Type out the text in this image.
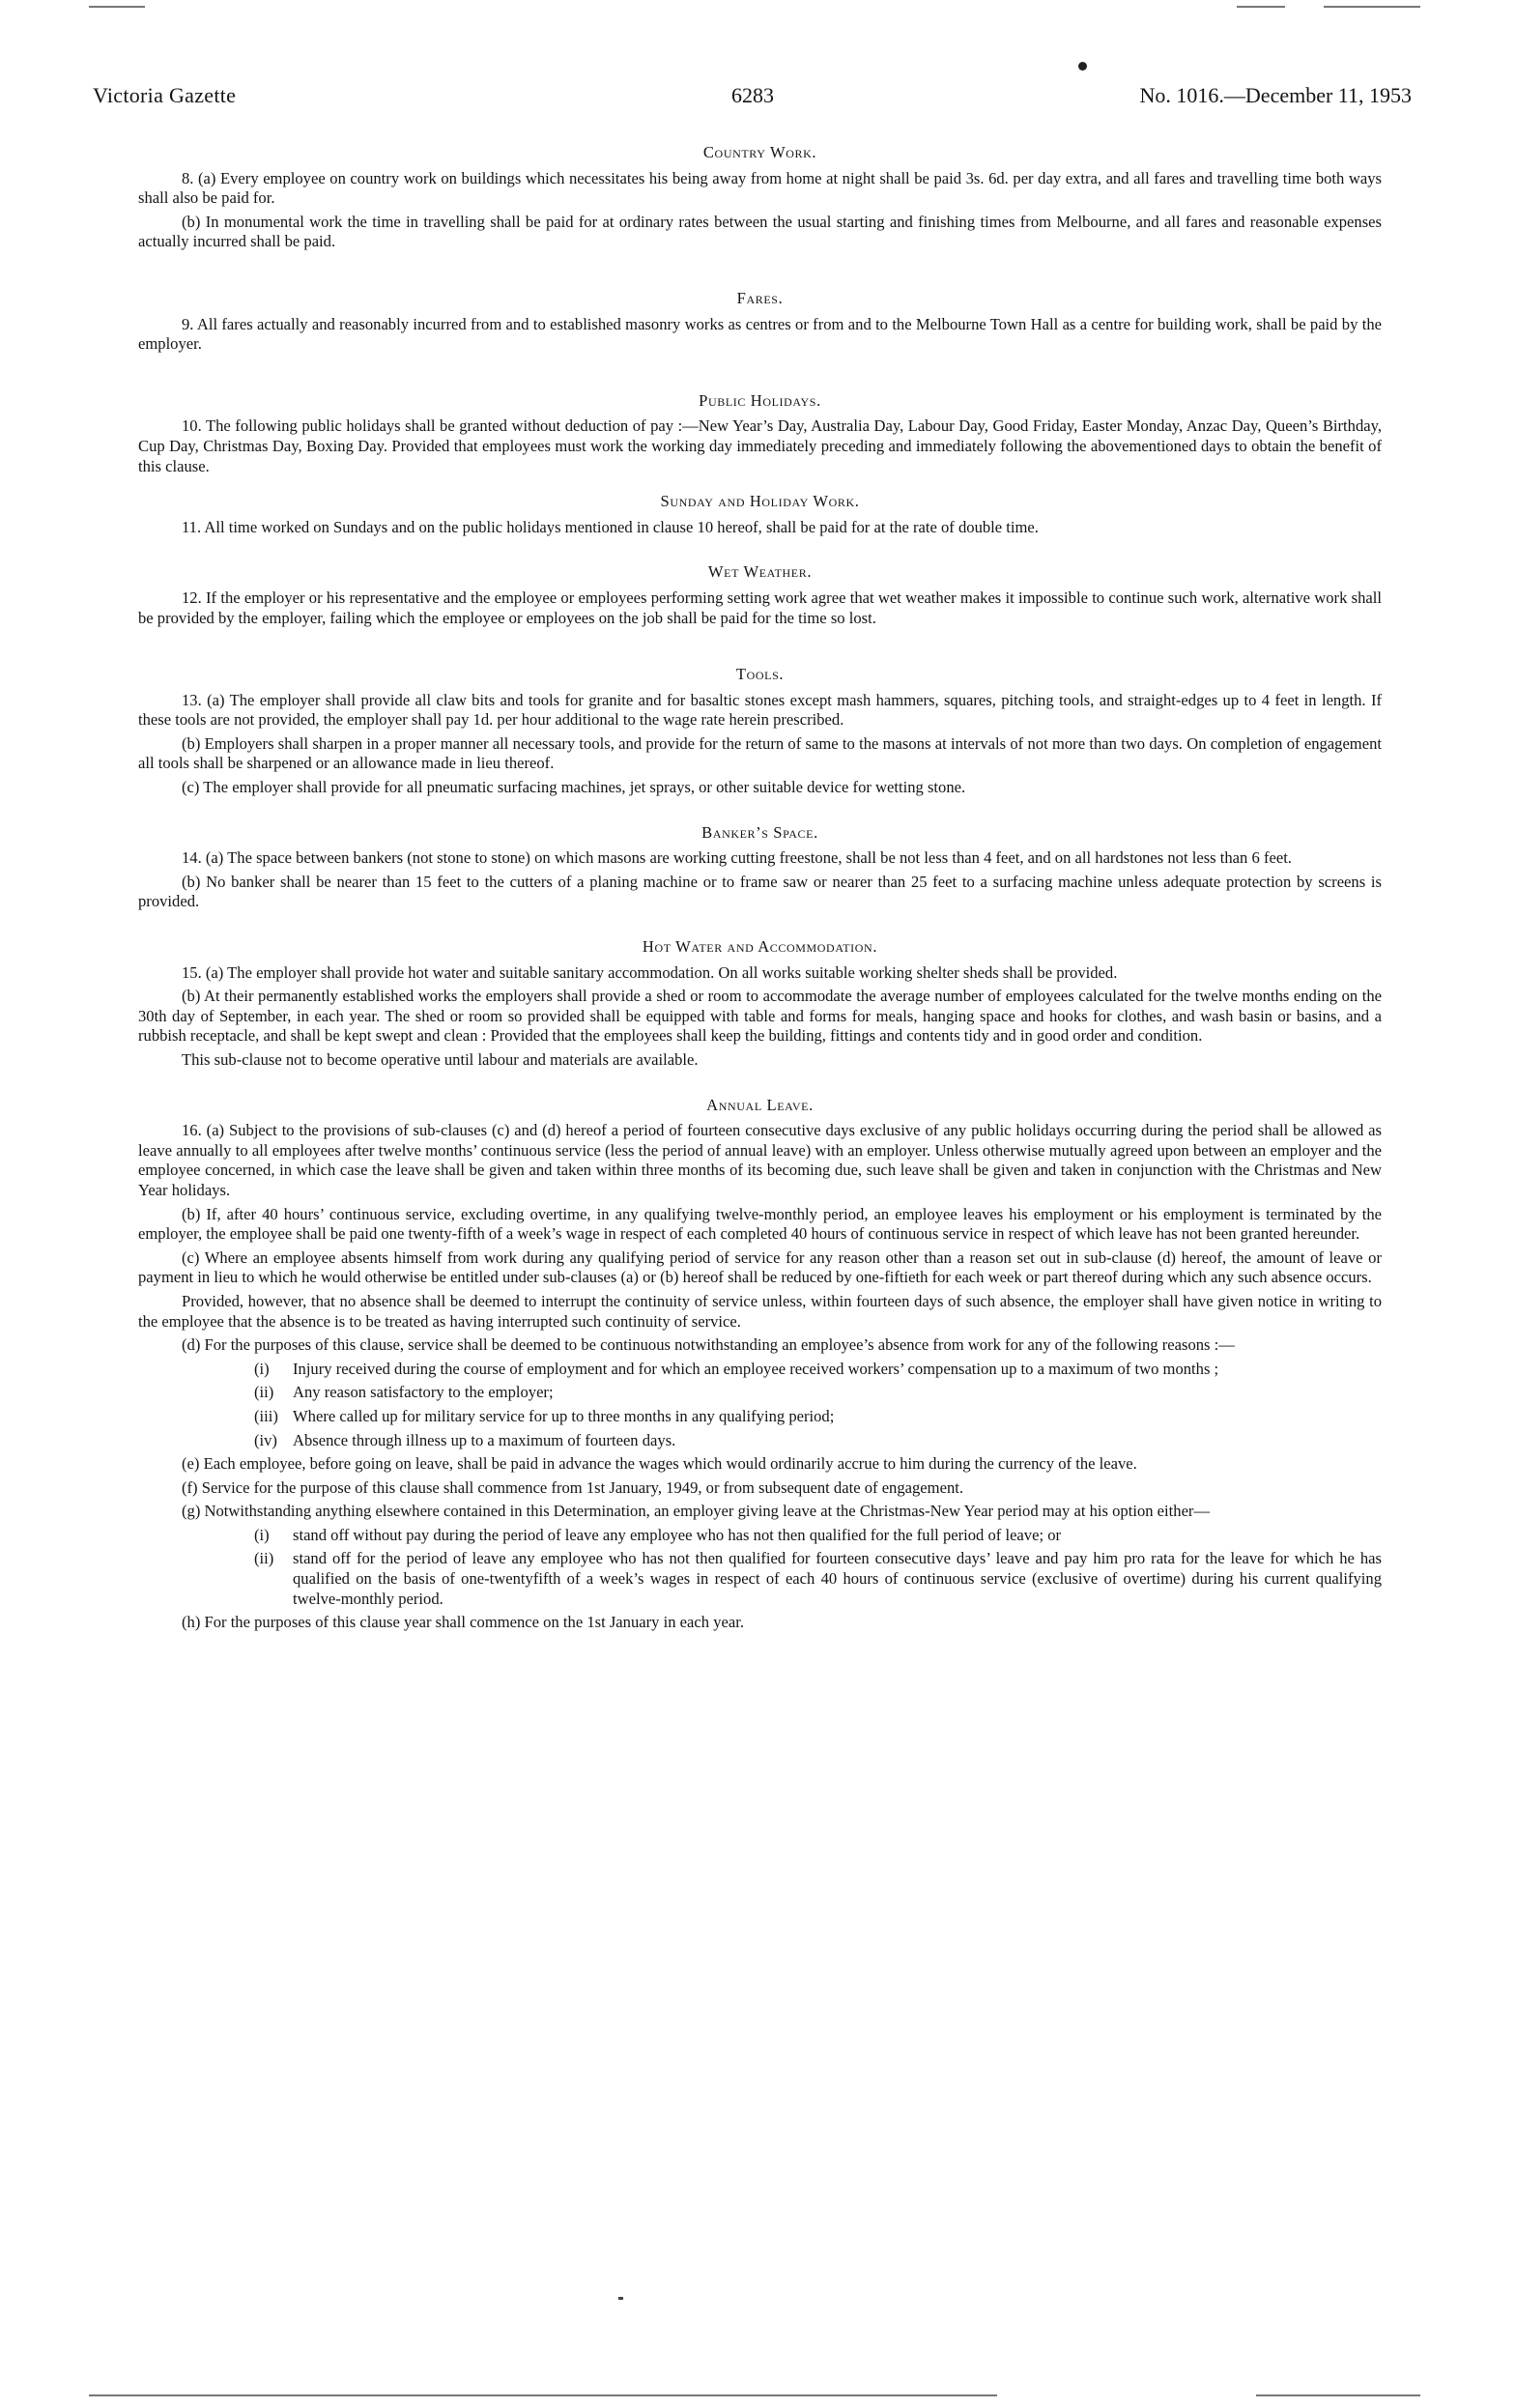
Victoria Gazette	6283	No. 1016.—December 11, 1953
Country Work.

8. (a) Every employee on country work on buildings which necessitates his being away from home at night shall be paid 3s. 6d. per day extra, and all fares and travelling time both ways shall also be paid for.

(b) In monumental work the time in travelling shall be paid for at ordinary rates between the usual starting and finishing times from Melbourne, and all fares and reasonable expenses actually incurred shall be paid.

Fares.

9. All fares actually and reasonably incurred from and to established masonry works as centres or from and to the Melbourne Town Hall as a centre for building work, shall be paid by the employer.

Public Holidays.

10. The following public holidays shall be granted without deduction of pay :—New Year’s Day, Australia Day, Labour Day, Good Friday, Easter Monday, Anzac Day, Queen’s Birthday, Cup Day, Christmas Day, Boxing Day. Provided that employees must work the working day immediately preceding and immediately following the abovementioned days to obtain the benefit of this clause.

Sunday and Holiday Work.

11. All time worked on Sundays and on the public holidays mentioned in clause 10 hereof, shall be paid for at the rate of double time.

Wet Weather.

12. If the employer or his representative and the employee or employees performing setting work agree that wet weather makes it impossible to continue such work, alternative work shall be provided by the employer, failing which the employee or employees on the job shall be paid for the time so lost.

Tools.

13. (a) The employer shall provide all claw bits and tools for granite and for basaltic stones except mash hammers, squares, pitching tools, and straight-edges up to 4 feet in length. If these tools are not provided, the employer shall pay 1d. per hour additional to the wage rate herein prescribed.

(b) Employers shall sharpen in a proper manner all necessary tools, and provide for the return of same to the masons at intervals of not more than two days. On completion of engagement all tools shall be sharpened or an allowance made in lieu thereof.

(c) The employer shall provide for all pneumatic surfacing machines, jet sprays, or other suitable device for wetting stone.

Banker’s Space.

14. (a) The space between bankers (not stone to stone) on which masons are working cutting freestone, shall be not less than 4 feet, and on all hardstones not less than 6 feet.

(b) No banker shall be nearer than 15 feet to the cutters of a planing machine or to frame saw or nearer than 25 feet to a surfacing machine unless adequate protection by screens is provided.

Hot Water and Accommodation.

15. (a) The employer shall provide hot water and suitable sanitary accommodation. On all works suitable working shelter sheds shall be provided.

(b) At their permanently established works the employers shall provide a shed or room to accommodate the average number of employees calculated for the twelve months ending on the 30th day of September, in each year. The shed or room so provided shall be equipped with table and forms for meals, hanging space and hooks for clothes, and wash basin or basins, and a rubbish receptacle, and shall be kept swept and clean : Provided that the employees shall keep the building, fittings and contents tidy and in good order and condition.

This sub-clause not to become operative until labour and materials are available.

Annual Leave.

16. (a) Subject to the provisions of sub-clauses (c) and (d) hereof a period of fourteen consecutive days exclusive of any public holidays occurring during the period shall be allowed as leave annually to all employees after twelve months’ continuous service (less the period of annual leave) with an employer. Unless otherwise mutually agreed upon between an employer and the employee concerned, in which case the leave shall be given and taken within three months of its becoming due, such leave shall be given and taken in conjunction with the Christmas and New Year holidays.

(b) If, after 40 hours’ continuous service, excluding overtime, in any qualifying twelve-monthly period, an employee leaves his employment or his employment is terminated by the employer, the employee shall be paid one twenty-fifth of a week’s wage in respect of each completed 40 hours of continuous service in respect of which leave has not been granted hereunder.

(c) Where an employee absents himself from work during any qualifying period of service for any reason other than a reason set out in sub-clause (d) hereof, the amount of leave or payment in lieu to which he would otherwise be entitled under sub-clauses (a) or (b) hereof shall be reduced by one-fiftieth for each week or part thereof during which any such absence occurs.

Provided, however, that no absence shall be deemed to interrupt the continuity of service unless, within fourteen days of such absence, the employer shall have given notice in writing to the employee that the absence is to be treated as having interrupted such continuity of service.

(d) For the purposes of this clause, service shall be deemed to be continuous notwithstanding an employee’s absence from work for any of the following reasons :—

(i)	Injury received during the course of employment and for which an employee received workers’ compensation up to a maximum of two months ;
(ii)	Any reason satisfactory to the employer;
(iii) Where called up for military service for up to three months in any qualifying period;
(iv) Absence through illness up to a maximum of fourteen days.

(e) Each employee, before going on leave, shall be paid in advance the wages which would ordinarily accrue to him during the currency of the leave.

(f) Service for the purpose of this clause shall commence from 1st January, 1949, or from subsequent date of engagement.

(g) Notwithstanding anything elsewhere contained in this Determination, an employer giving leave at the Christmas-New Year period may at his option either—

(i)	stand off without pay during the period of leave any employee who has not then qualified for the full period of leave; or
(ii)	stand off for the period of leave any employee who has not then qualified for fourteen consecutive days’ leave and pay him pro rata for the leave for which he has qualified on the basis of one-twentyfifth of a week’s wages in respect of each 40 hours of continuous service (exclusive of overtime) during his current qualifying twelve-monthly period.

(h) For the purposes of this clause year shall commence on the 1st January in each year.
